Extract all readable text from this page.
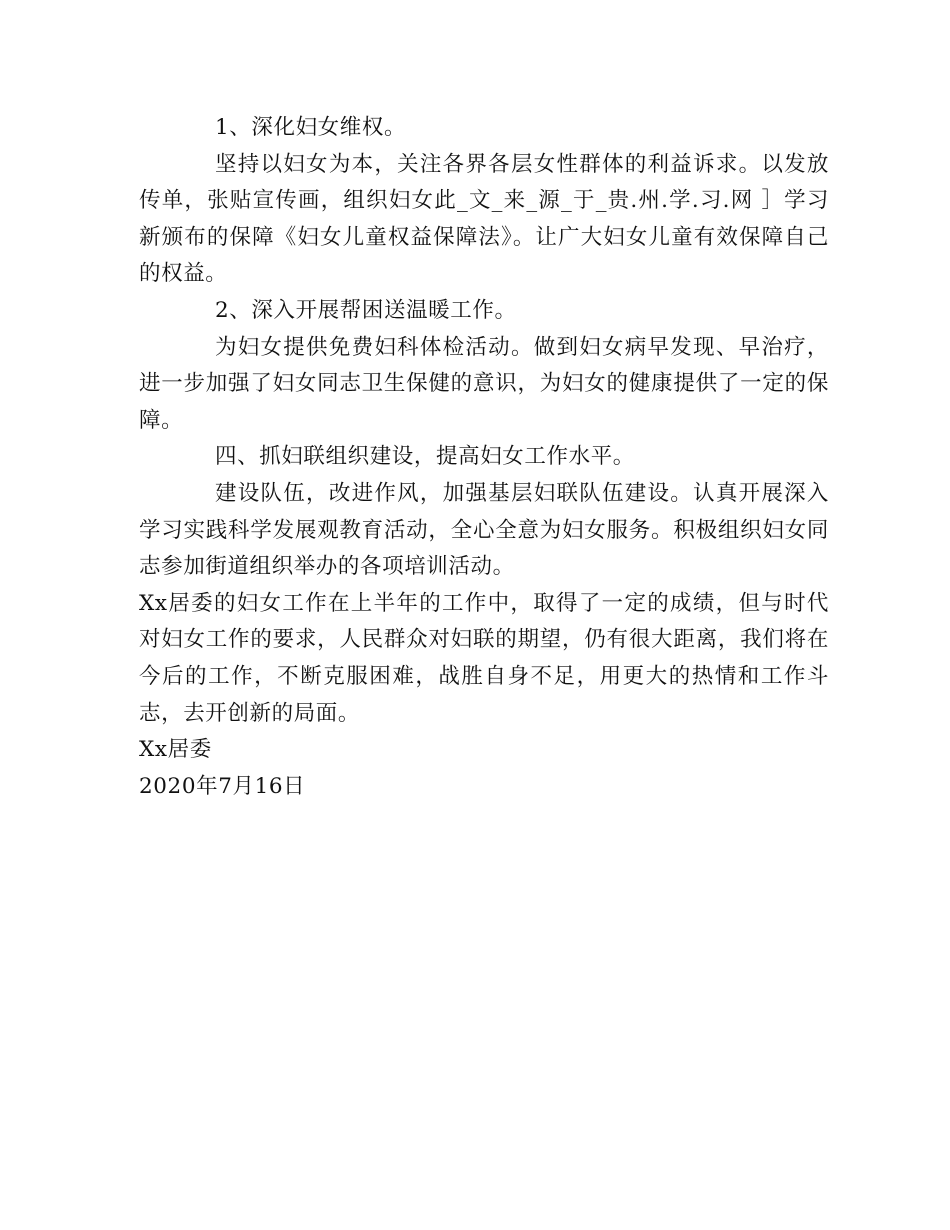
1、深化妇女维权。

坚持以妇女为本，关注各界各层女性群体的利益诉求。以发放传单，张贴宣传画，组织妇女此_文_来_源_于_贵.州.学.习.网 ］学习新颁布的保障《妇女儿童权益保障法》。让广大妇女儿童有效保障自己的权益。

2、深入开展帮困送温暖工作。

为妇女提供免费妇科体检活动。做到妇女病早发现、早治疗，进一步加强了妇女同志卫生保健的意识，为妇女的健康提供了一定的保障。

四、抓妇联组织建设，提高妇女工作水平。

建设队伍，改进作风，加强基层妇联队伍建设。认真开展深入学习实践科学发展观教育活动，全心全意为妇女服务。积极组织妇女同志参加街道组织举办的各项培训活动。

Xx居委的妇女工作在上半年的工作中，取得了一定的成绩，但与时代对妇女工作的要求，人民群众对妇联的期望，仍有很大距离，我们将在今后的工作，不断克服困难，战胜自身不足，用更大的热情和工作斗志，去开创新的局面。

Xx居委

2020年7月16日
